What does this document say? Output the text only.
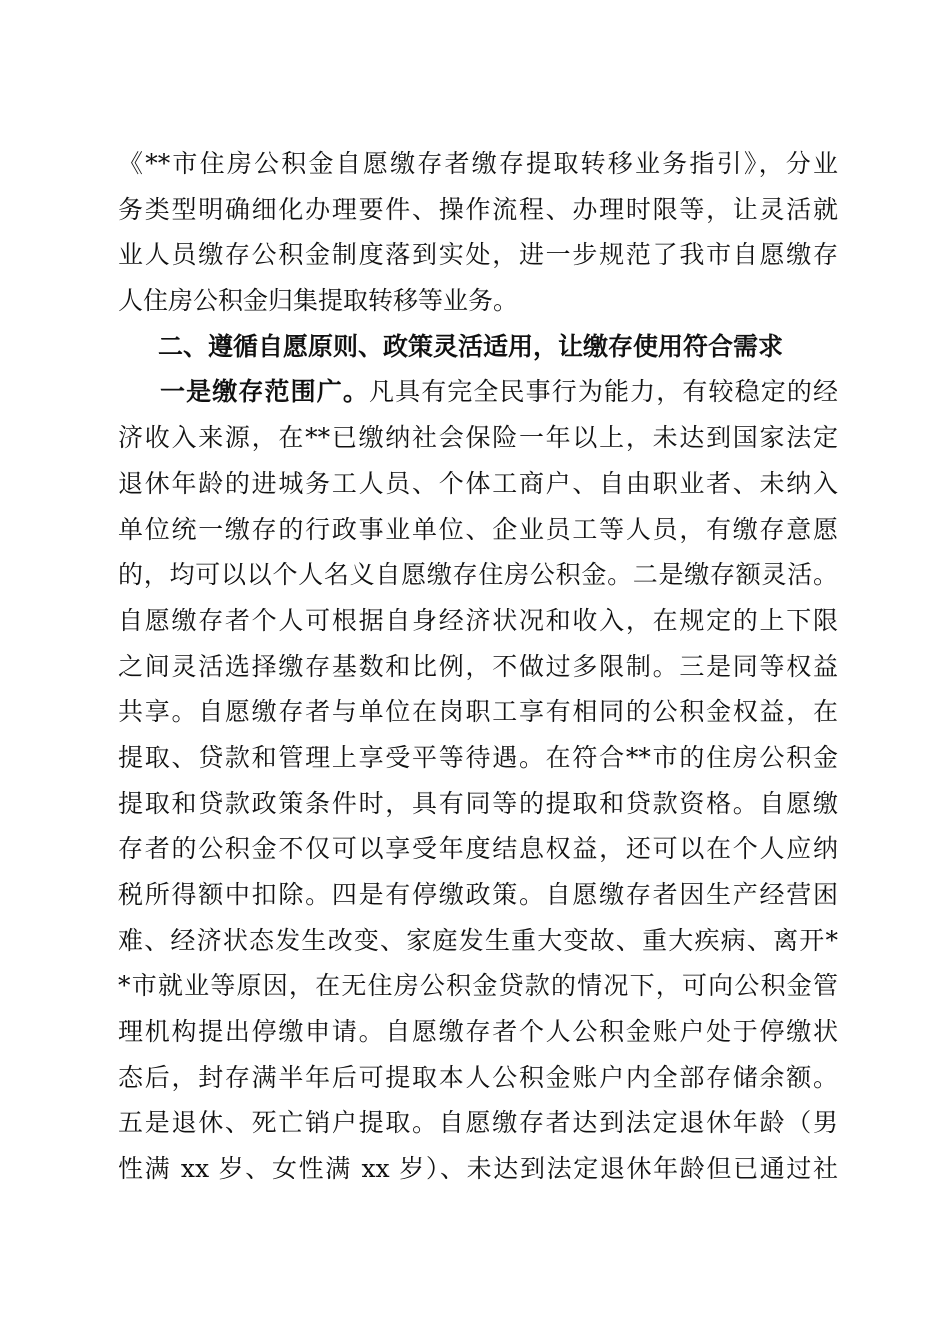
《**市住房公积金自愿缴存者缴存提取转移业务指引》，分业
务类型明确细化办理要件、操作流程、办理时限等，让灵活就
业人员缴存公积金制度落到实处，进一步规范了我市自愿缴存
人住房公积金归集提取转移等业务。
二、遵循自愿原则、政策灵活适用，让缴存使用符合需求
一是缴存范围广。凡具有完全民事行为能力，有较稳定的经
济收入来源，在**已缴纳社会保险一年以上，未达到国家法定
退休年龄的进城务工人员、个体工商户、自由职业者、未纳入
单位统一缴存的行政事业单位、企业员工等人员，有缴存意愿
的，均可以以个人名义自愿缴存住房公积金。二是缴存额灵活。
自愿缴存者个人可根据自身经济状况和收入，在规定的上下限
之间灵活选择缴存基数和比例，不做过多限制。三是同等权益
共享。自愿缴存者与单位在岗职工享有相同的公积金权益，在
提取、贷款和管理上享受平等待遇。在符合**市的住房公积金
提取和贷款政策条件时，具有同等的提取和贷款资格。自愿缴
存者的公积金不仅可以享受年度结息权益，还可以在个人应纳
税所得额中扣除。四是有停缴政策。自愿缴存者因生产经营困
难、经济状态发生改变、家庭发生重大变故、重大疾病、离开*
*市就业等原因，在无住房公积金贷款的情况下，可向公积金管
理机构提出停缴申请。自愿缴存者个人公积金账户处于停缴状
态后，封存满半年后可提取本人公积金账户内全部存储余额。
五是退休、死亡销户提取。自愿缴存者达到法定退休年龄（男
性满 xx 岁、女性满 xx 岁）、未达到法定退休年龄但已通过社
